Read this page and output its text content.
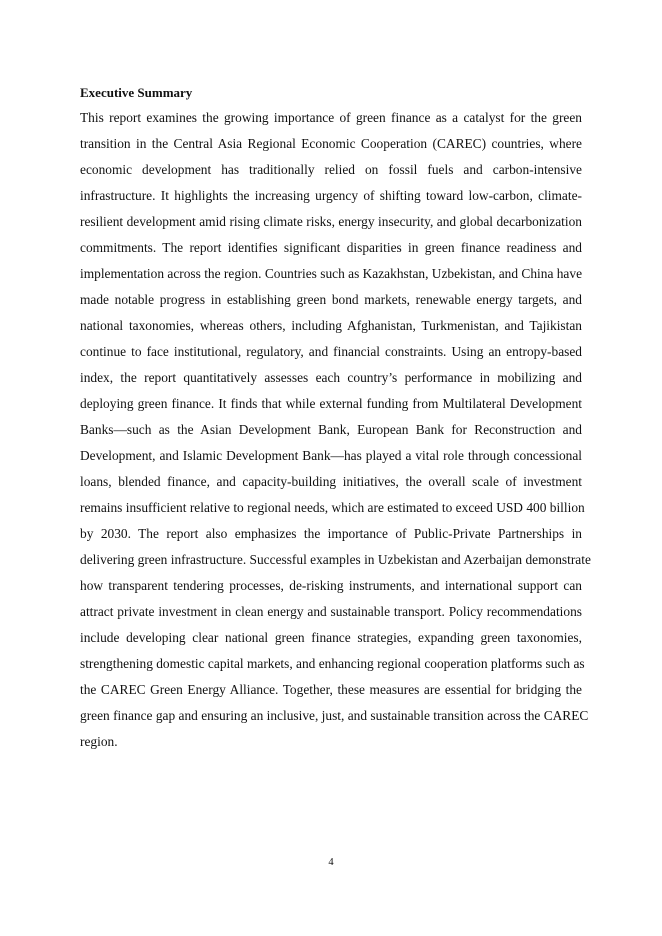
Executive Summary
This report examines the growing importance of green finance as a catalyst for the green
transition in the Central Asia Regional Economic Cooperation (CAREC) countries, where
economic development has traditionally relied on fossil fuels and carbon-intensive
infrastructure. It highlights the increasing urgency of shifting toward low-carbon, climate-
resilient development amid rising climate risks, energy insecurity, and global decarbonization
commitments. The report identifies significant disparities in green finance readiness and
implementation across the region. Countries such as Kazakhstan, Uzbekistan, and China have
made notable progress in establishing green bond markets, renewable energy targets, and
national taxonomies, whereas others, including Afghanistan, Turkmenistan, and Tajikistan
continue to face institutional, regulatory, and financial constraints. Using an entropy-based
index, the report quantitatively assesses each country’s performance in mobilizing and
deploying green finance. It finds that while external funding from Multilateral Development
Banks—such as the Asian Development Bank, European Bank for Reconstruction and
Development, and Islamic Development Bank—has played a vital role through concessional
loans, blended finance, and capacity-building initiatives, the overall scale of investment
remains insufficient relative to regional needs, which are estimated to exceed USD 400 billion
by 2030. The report also emphasizes the importance of Public-Private Partnerships in
delivering green infrastructure. Successful examples in Uzbekistan and Azerbaijan demonstrate
how transparent tendering processes, de-risking instruments, and international support can
attract private investment in clean energy and sustainable transport. Policy recommendations
include developing clear national green finance strategies, expanding green taxonomies,
strengthening domestic capital markets, and enhancing regional cooperation platforms such as
the CAREC Green Energy Alliance. Together, these measures are essential for bridging the
green finance gap and ensuring an inclusive, just, and sustainable transition across the CAREC
region.
4
